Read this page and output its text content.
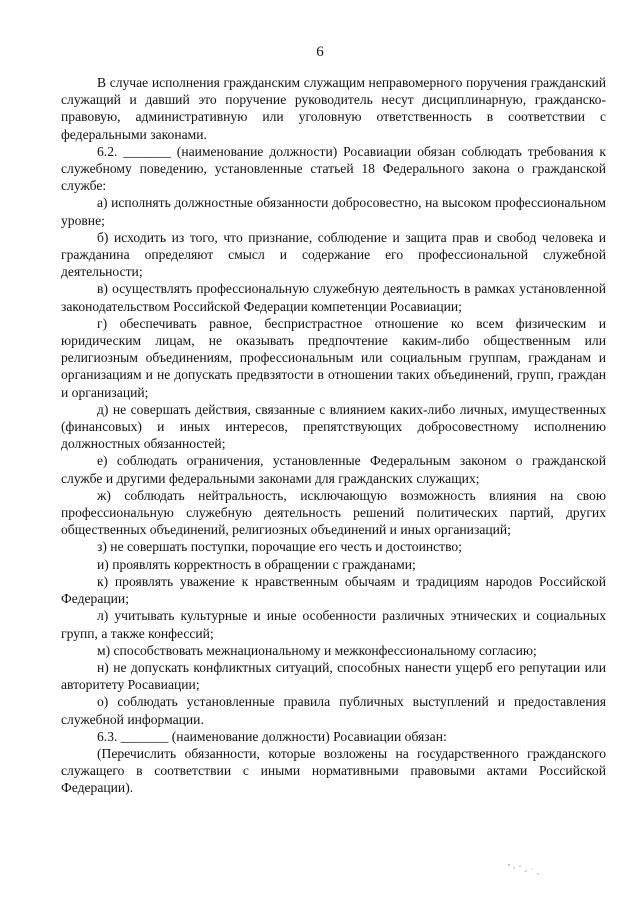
6

В случае исполнения гражданским служащим неправомерного поручения гражданский служащий и давший это поручение руководитель несут дисциплинарную, гражданско-правовую, административную или уголовную ответственность в соответствии с федеральными законами.

6.2. _______ (наименование должности) Росавиации обязан соблюдать требования к служебному поведению, установленные статьей 18 Федерального закона о гражданской службе:

а) исполнять должностные обязанности добросовестно, на высоком профессиональном уровне;

б) исходить из того, что признание, соблюдение и защита прав и свобод человека и гражданина определяют смысл и содержание его профессиональной служебной деятельности;

в) осуществлять профессиональную служебную деятельность в рамках установленной законодательством Российской Федерации компетенции Росавиации;

г) обеспечивать равное, беспристрастное отношение ко всем физическим и юридическим лицам, не оказывать предпочтение каким-либо общественным или религиозным объединениям, профессиональным или социальным группам, гражданам и организациям и не допускать предвзятости в отношении таких объединений, групп, граждан и организаций;

д) не совершать действия, связанные с влиянием каких-либо личных, имущественных (финансовых) и иных интересов, препятствующих добросовестному исполнению должностных обязанностей;

е) соблюдать ограничения, установленные Федеральным законом о гражданской службе и другими федеральными законами для гражданских служащих;

ж) соблюдать нейтральность, исключающую возможность влияния на свою профессиональную служебную деятельность решений политических партий, других общественных объединений, религиозных объединений и иных организаций;

з) не совершать поступки, порочащие его честь и достоинство;

и) проявлять корректность в обращении с гражданами;

к) проявлять уважение к нравственным обычаям и традициям народов Российской Федерации;

л) учитывать культурные и иные особенности различных этнических и социальных групп, а также конфессий;

м) способствовать межнациональному и межконфессиональному согласию;

н) не допускать конфликтных ситуаций, способных нанести ущерб его репутации или авторитету Росавиации;

о) соблюдать установленные правила публичных выступлений и предоставления служебной информации.

6.3. _______ (наименование должности) Росавиации обязан:

(Перечислить обязанности, которые возложены на государственного гражданского служащего в соответствии с иными нормативными правовыми актами Российской Федерации).
